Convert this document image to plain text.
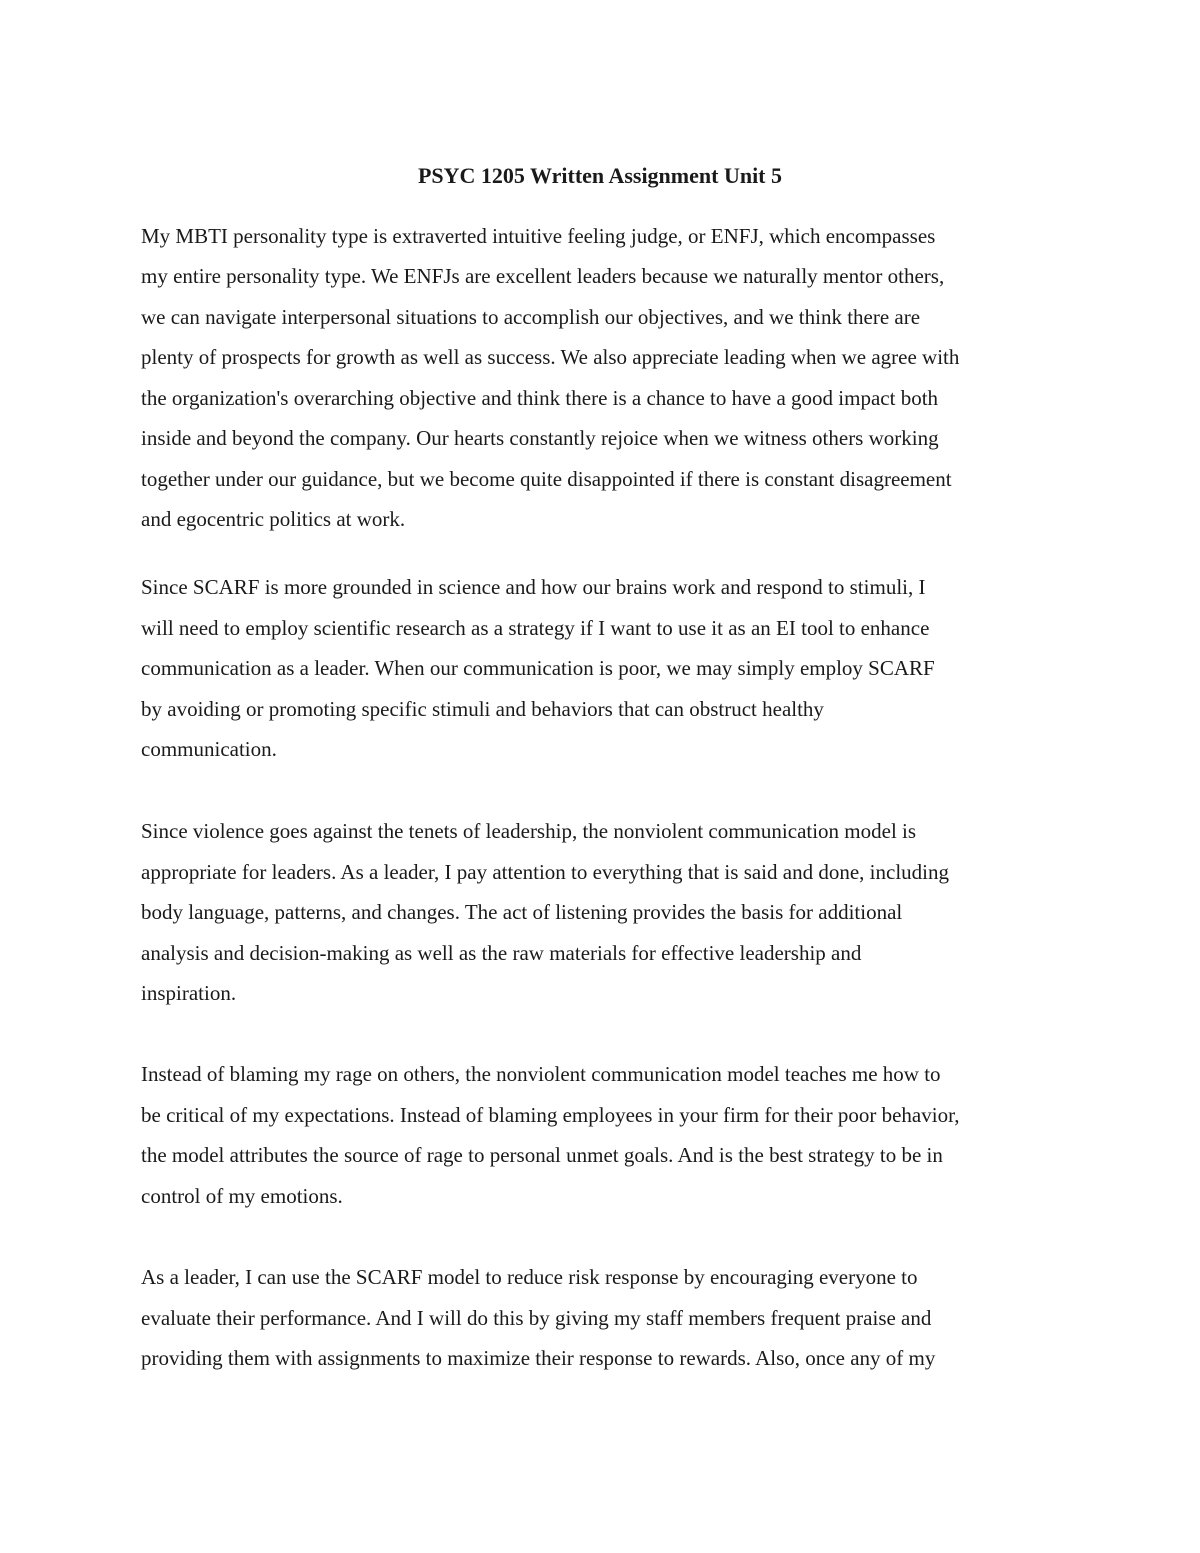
PSYC 1205 Written Assignment Unit 5

My MBTI personality type is extraverted intuitive feeling judge, or ENFJ, which encompasses

my entire personality type. We ENFJs are excellent leaders because we naturally mentor others,

we can navigate interpersonal situations to accomplish our objectives, and we think there are

plenty of prospects for growth as well as success. We also appreciate leading when we agree with

the organization's overarching objective and think there is a chance to have a good impact both

inside and beyond the company. Our hearts constantly rejoice when we witness others working

together under our guidance, but we become quite disappointed if there is constant disagreement

and egocentric politics at work.

Since SCARF is more grounded in science and how our brains work and respond to stimuli, I

will need to employ scientific research as a strategy if I want to use it as an EI tool to enhance

communication as a leader. When our communication is poor, we may simply employ SCARF

by avoiding or promoting specific stimuli and behaviors that can obstruct healthy

communication.

Since violence goes against the tenets of leadership, the nonviolent communication model is

appropriate for leaders. As a leader, I pay attention to everything that is said and done, including

body language, patterns, and changes. The act of listening provides the basis for additional

analysis and decision-making as well as the raw materials for effective leadership and

inspiration.

Instead of blaming my rage on others, the nonviolent communication model teaches me how to

be critical of my expectations. Instead of blaming employees in your firm for their poor behavior,

the model attributes the source of rage to personal unmet goals. And is the best strategy to be in

control of my emotions.

As a leader, I can use the SCARF model to reduce risk response by encouraging everyone to

evaluate their performance. And I will do this by giving my staff members frequent praise and

providing them with assignments to maximize their response to rewards. Also, once any of my
